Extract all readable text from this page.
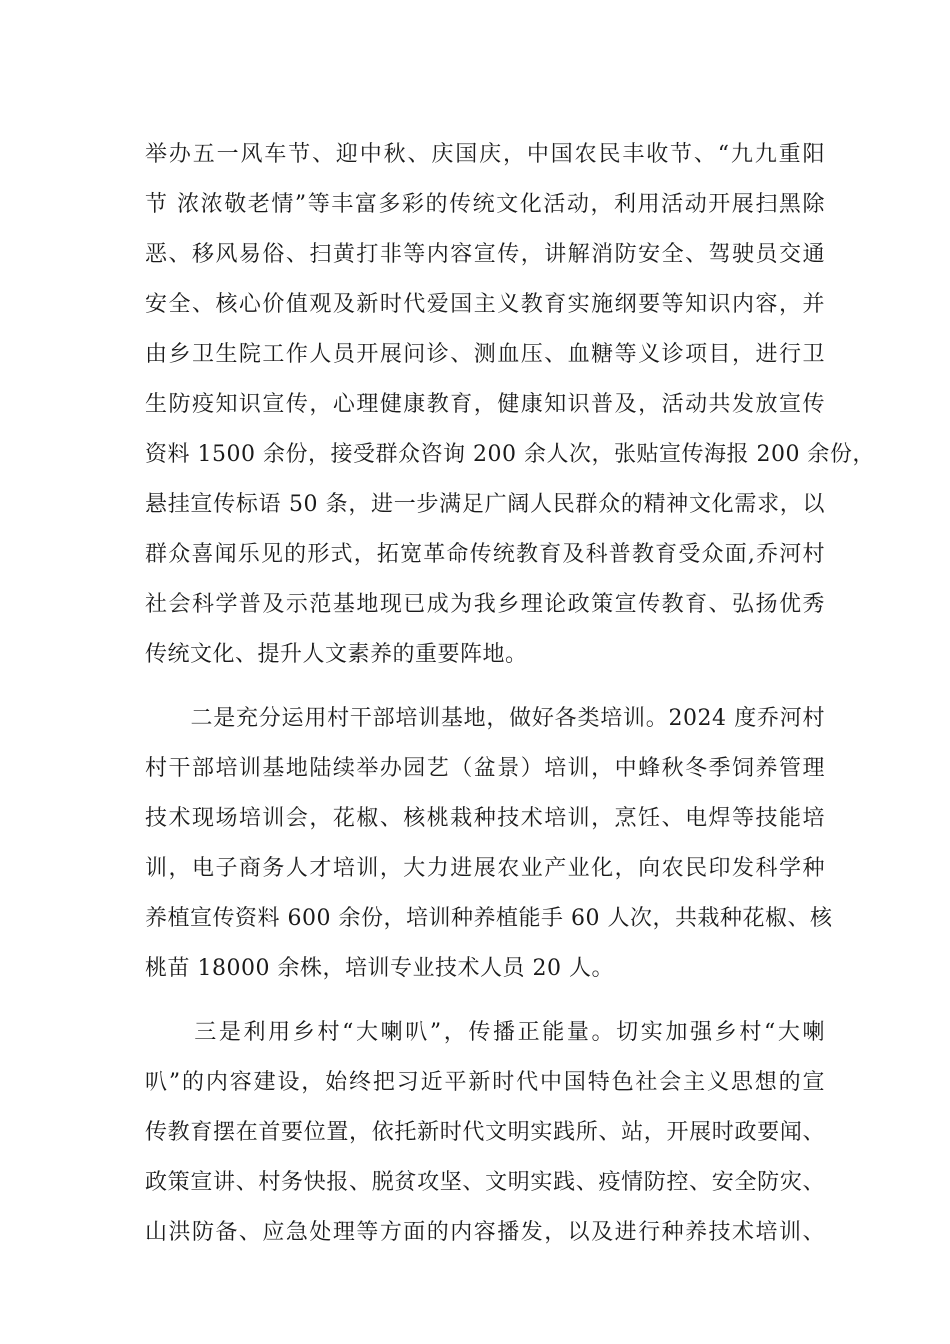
举办五一风车节、迎中秋、庆国庆，中国农民丰收节、“九九重阳
节 浓浓敬老情”等丰富多彩的传统文化活动，利用活动开展扫黑除
恶、移风易俗、扫黄打非等内容宣传，讲解消防安全、驾驶员交通
安全、核心价值观及新时代爱国主义教育实施纲要等知识内容，并
由乡卫生院工作人员开展问诊、测血压、血糖等义诊项目，进行卫
生防疫知识宣传，心理健康教育，健康知识普及，活动共发放宣传
资料 1500 余份，接受群众咨询 200 余人次，张贴宣传海报 200 余份，
悬挂宣传标语 50 条，进一步满足广阔人民群众的精神文化需求，以
群众喜闻乐见的形式，拓宽革命传统教育及科普教育受众面,乔河村
社会科学普及示范基地现已成为我乡理论政策宣传教育、弘扬优秀
传统文化、提升人文素养的重要阵地。
　　二是充分运用村干部培训基地，做好各类培训。2024 度乔河村
村干部培训基地陆续举办园艺（盆景）培训，中蜂秋冬季饲养管理
技术现场培训会，花椒、核桃栽种技术培训，烹饪、电焊等技能培
训，电子商务人才培训，大力进展农业产业化，向农民印发科学种
养植宣传资料 600 余份，培训种养植能手 60 人次，共栽种花椒、核
桃苗 18000 余株，培训专业技术人员 20 人。
　　三是利用乡村“大喇叭”，传播正能量。切实加强乡村“大喇
叭”的内容建设，始终把习近平新时代中国特色社会主义思想的宣
传教育摆在首要位置，依托新时代文明实践所、站，开展时政要闻、
政策宣讲、村务快报、脱贫攻坚、文明实践、疫情防控、安全防灾、
山洪防备、应急处理等方面的内容播发，以及进行种养技术培训、
